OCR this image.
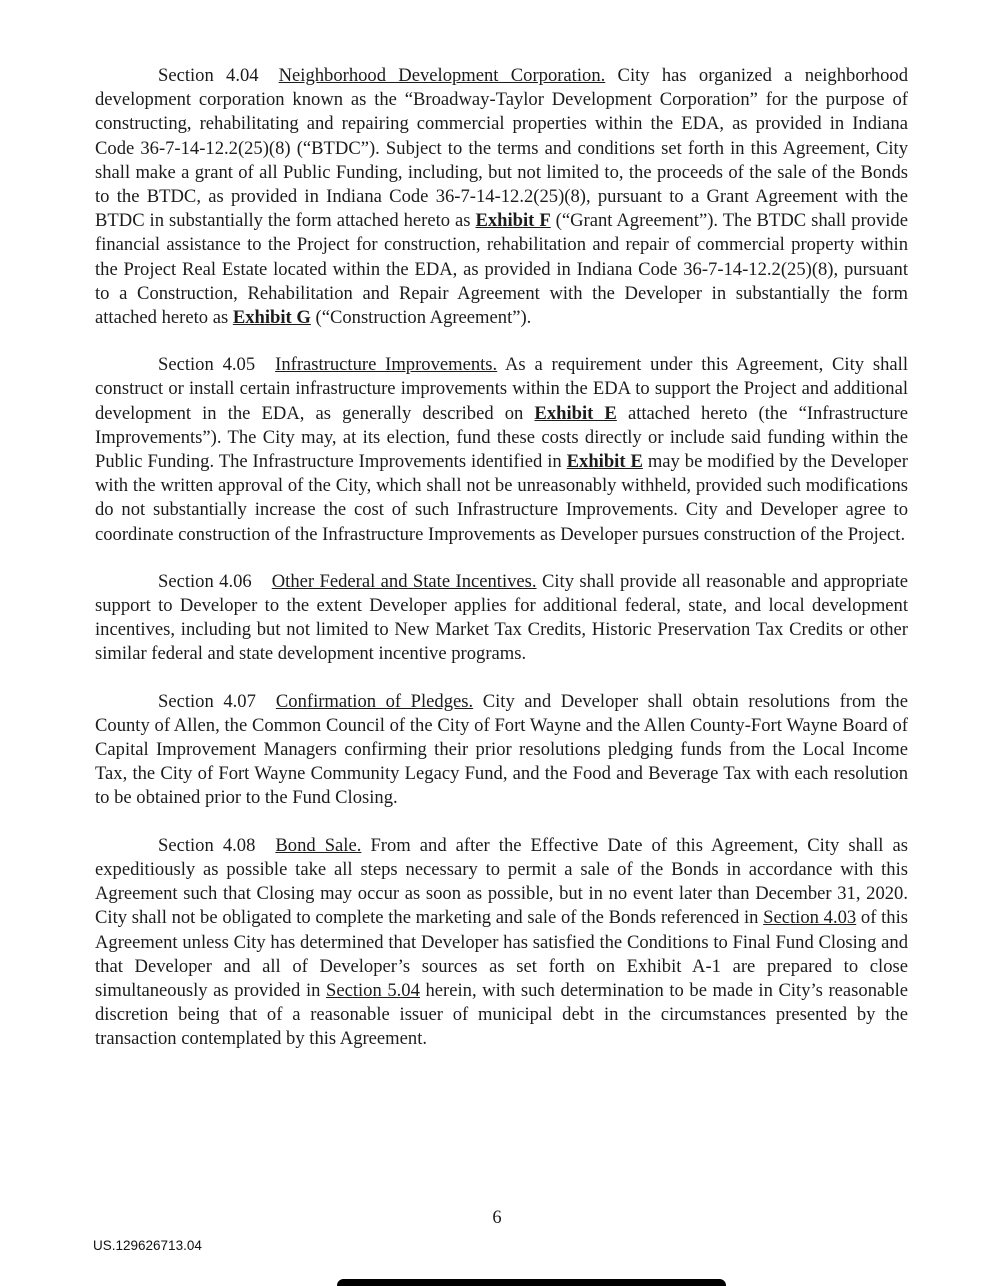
Section 4.04 Neighborhood Development Corporation. City has organized a neighborhood development corporation known as the “Broadway-Taylor Development Corporation” for the purpose of constructing, rehabilitating and repairing commercial properties within the EDA, as provided in Indiana Code 36-7-14-12.2(25)(8) (“BTDC”). Subject to the terms and conditions set forth in this Agreement, City shall make a grant of all Public Funding, including, but not limited to, the proceeds of the sale of the Bonds to the BTDC, as provided in Indiana Code 36-7-14-12.2(25)(8), pursuant to a Grant Agreement with the BTDC in substantially the form attached hereto as Exhibit F (“Grant Agreement”). The BTDC shall provide financial assistance to the Project for construction, rehabilitation and repair of commercial property within the Project Real Estate located within the EDA, as provided in Indiana Code 36-7-14-12.2(25)(8), pursuant to a Construction, Rehabilitation and Repair Agreement with the Developer in substantially the form attached hereto as Exhibit G (“Construction Agreement”).

Section 4.05 Infrastructure Improvements. As a requirement under this Agreement, City shall construct or install certain infrastructure improvements within the EDA to support the Project and additional development in the EDA, as generally described on Exhibit E attached hereto (the “Infrastructure Improvements”). The City may, at its election, fund these costs directly or include said funding within the Public Funding. The Infrastructure Improvements identified in Exhibit E may be modified by the Developer with the written approval of the City, which shall not be unreasonably withheld, provided such modifications do not substantially increase the cost of such Infrastructure Improvements. City and Developer agree to coordinate construction of the Infrastructure Improvements as Developer pursues construction of the Project.

Section 4.06 Other Federal and State Incentives. City shall provide all reasonable and appropriate support to Developer to the extent Developer applies for additional federal, state, and local development incentives, including but not limited to New Market Tax Credits, Historic Preservation Tax Credits or other similar federal and state development incentive programs.

Section 4.07 Confirmation of Pledges. City and Developer shall obtain resolutions from the County of Allen, the Common Council of the City of Fort Wayne and the Allen County-Fort Wayne Board of Capital Improvement Managers confirming their prior resolutions pledging funds from the Local Income Tax, the City of Fort Wayne Community Legacy Fund, and the Food and Beverage Tax with each resolution to be obtained prior to the Fund Closing.

Section 4.08 Bond Sale. From and after the Effective Date of this Agreement, City shall as expeditiously as possible take all steps necessary to permit a sale of the Bonds in accordance with this Agreement such that Closing may occur as soon as possible, but in no event later than December 31, 2020. City shall not be obligated to complete the marketing and sale of the Bonds referenced in Section 4.03 of this Agreement unless City has determined that Developer has satisfied the Conditions to Final Fund Closing and that Developer and all of Developer’s sources as set forth on Exhibit A-1 are prepared to close simultaneously as provided in Section 5.04 herein, with such determination to be made in City’s reasonable discretion being that of a reasonable issuer of municipal debt in the circumstances presented by the transaction contemplated by this Agreement.

6
US.129626713.04
